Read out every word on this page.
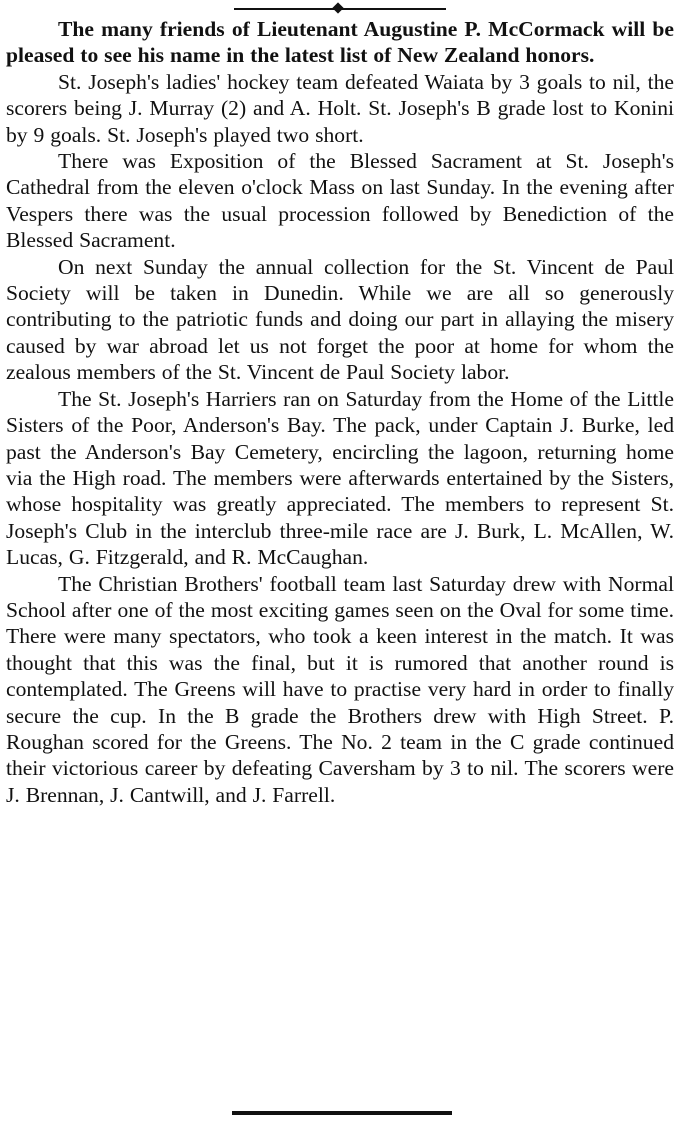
The many friends of Lieutenant Augustine P. McCormack will be pleased to see his name in the latest list of New Zealand honors.

St. Joseph's ladies' hockey team defeated Waiata by 3 goals to nil, the scorers being J. Murray (2) and A. Holt. St. Joseph's B grade lost to Konini by 9 goals. St. Joseph's played two short.

There was Exposition of the Blessed Sacrament at St. Joseph's Cathedral from the eleven o'clock Mass on last Sunday. In the evening after Vespers there was the usual procession followed by Benediction of the Blessed Sacrament.

On next Sunday the annual collection for the St. Vincent de Paul Society will be taken in Dunedin. While we are all so generously contributing to the patriotic funds and doing our part in allaying the misery caused by war abroad let us not forget the poor at home for whom the zealous members of the St. Vincent de Paul Society labor.

The St. Joseph's Harriers ran on Saturday from the Home of the Little Sisters of the Poor, Anderson's Bay. The pack, under Captain J. Burke, led past the Anderson's Bay Cemetery, encircling the lagoon, returning home via the High road. The members were afterwards entertained by the Sisters, whose hospitality was greatly appreciated. The members to represent St. Joseph's Club in the interclub three-mile race are J. Burk, L. McAllen, W. Lucas, G. Fitzgerald, and R. McCaughan.

The Christian Brothers' football team last Saturday drew with Normal School after one of the most exciting games seen on the Oval for some time. There were many spectators, who took a keen interest in the match. It was thought that this was the final, but it is rumored that another round is contemplated. The Greens will have to practise very hard in order to finally secure the cup. In the B grade the Brothers drew with High Street. P. Roughan scored for the Greens. The No. 2 team in the C grade continued their victorious career by defeating Caversham by 3 to nil. The scorers were J. Brennan, J. Cantwill, and J. Farrell.
